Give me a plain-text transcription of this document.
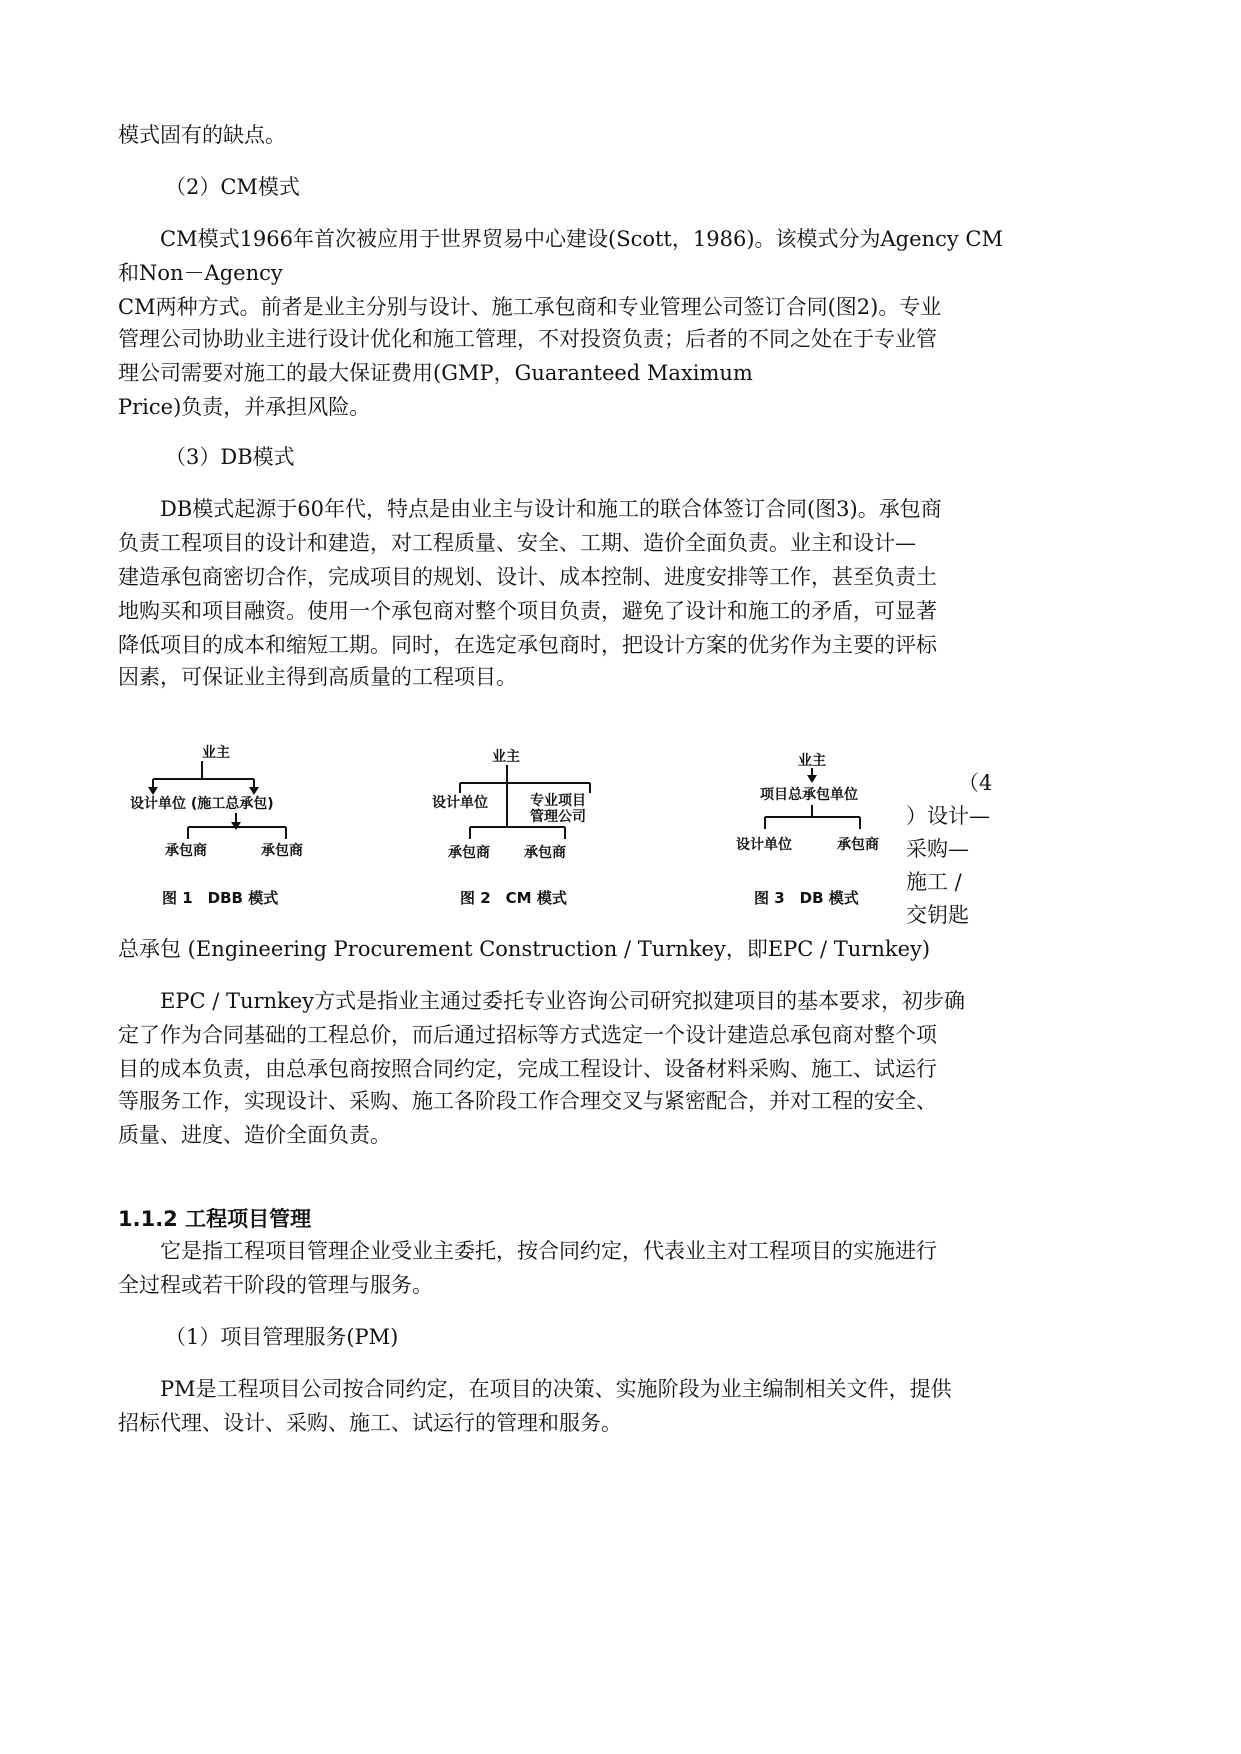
模式固有的缺点。
（2）CM模式
CM模式1966年首次被应用于世界贸易中心建设(Scott，1986)。该模式分为Agency CM
和Non－Agency
CM两种方式。前者是业主分别与设计、施工承包商和专业管理公司签订合同(图2)。专业
管理公司协助业主进行设计优化和施工管理，不对投资负责；后者的不同之处在于专业管
理公司需要对施工的最大保证费用(GMP，Guaranteed Maximum
Price)负责，并承担风险。
（3）DB模式
DB模式起源于60年代，特点是由业主与设计和施工的联合体签订合同(图3)。承包商
负责工程项目的设计和建造，对工程质量、安全、工期、造价全面负责。业主和设计—
建造承包商密切合作，完成项目的规划、设计、成本控制、进度安排等工作，甚至负责土
地购买和项目融资。使用一个承包商对整个项目负责，避免了设计和施工的矛盾，可显著
降低项目的成本和缩短工期。同时，在选定承包商时，把设计方案的优劣作为主要的评标
因素，可保证业主得到高质量的工程项目。
业主
设计单位 (施工总承包)
承包商	承包商
图 1　DBB 模式
业主
设计单位	专业项目
管理公司
承包商 承包商
图 2　CM 模式
业主
项目总承包单位
设计单位	承包商
图 3　DB 模式
（4
）设计—
采购—
施工 /
交钥匙
总承包 (Engineering Procurement Construction / Turnkey，即EPC / Turnkey)
EPC / Turnkey方式是指业主通过委托专业咨询公司研究拟建项目的基本要求，初步确
定了作为合同基础的工程总价，而后通过招标等方式选定一个设计建造总承包商对整个项
目的成本负责，由总承包商按照合同约定，完成工程设计、设备材料采购、施工、试运行
等服务工作，实现设计、采购、施工各阶段工作合理交叉与紧密配合，并对工程的安全、
质量、进度、造价全面负责。
1.1.2 工程项目管理
它是指工程项目管理企业受业主委托，按合同约定，代表业主对工程项目的实施进行
全过程或若干阶段的管理与服务。
（1）项目管理服务(PM)
PM是工程项目公司按合同约定，在项目的决策、实施阶段为业主编制相关文件，提供
招标代理、设计、采购、施工、试运行的管理和服务。
